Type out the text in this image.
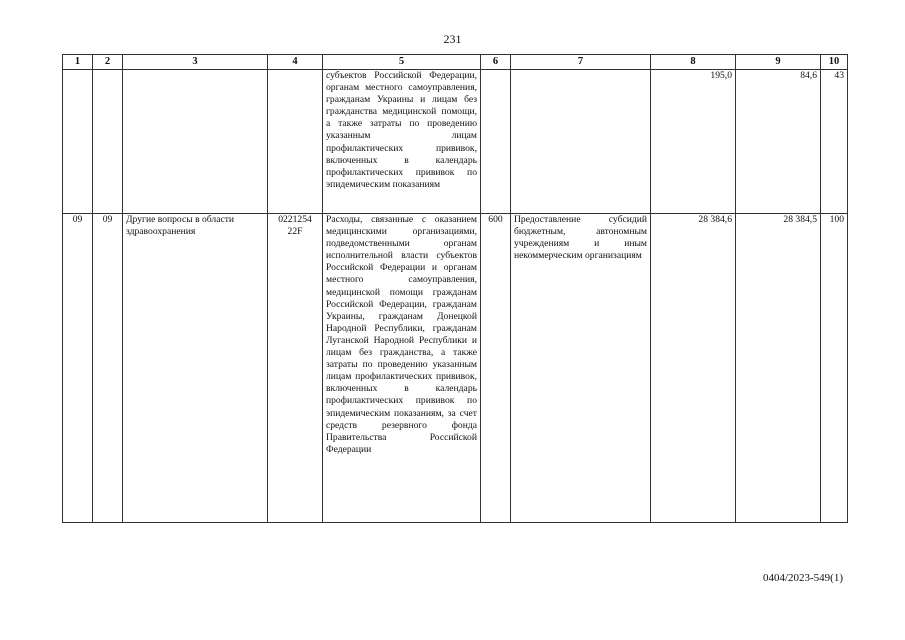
231
1	2	3	4	5	6	7	8	9	10
				субъектов Российской Федерации, органам местного самоуправления, гражданам Украины и лицам без гражданства медицинской помощи, а также затраты по проведению указанным лицам профилактических прививок, включенных в календарь профилактических прививок по эпидемическим показаниям			195,0	84,6	43
09	09	Другие вопросы в области здравоохранения	0221254 22F	Расходы, связанные с оказанием медицинскими организациями, подведомственными органам исполнительной власти субъектов Российской Федерации и органам местного самоуправления, медицинской помощи гражданам Российской Федерации, гражданам Украины, гражданам Донецкой Народной Республики, гражданам Луганской Народной Республики и лицам без гражданства, а также затраты по проведению указанным лицам профилактических прививок, включенных в календарь профилактических прививок по эпидемическим показаниям, за счет средств резервного фонда Правительства Российской Федерации	600	Предоставление субсидий бюджетным, автономным учреждениям и иным некоммерческим организациям	28 384,6	28 384,5	100
0404/2023-549(1)
